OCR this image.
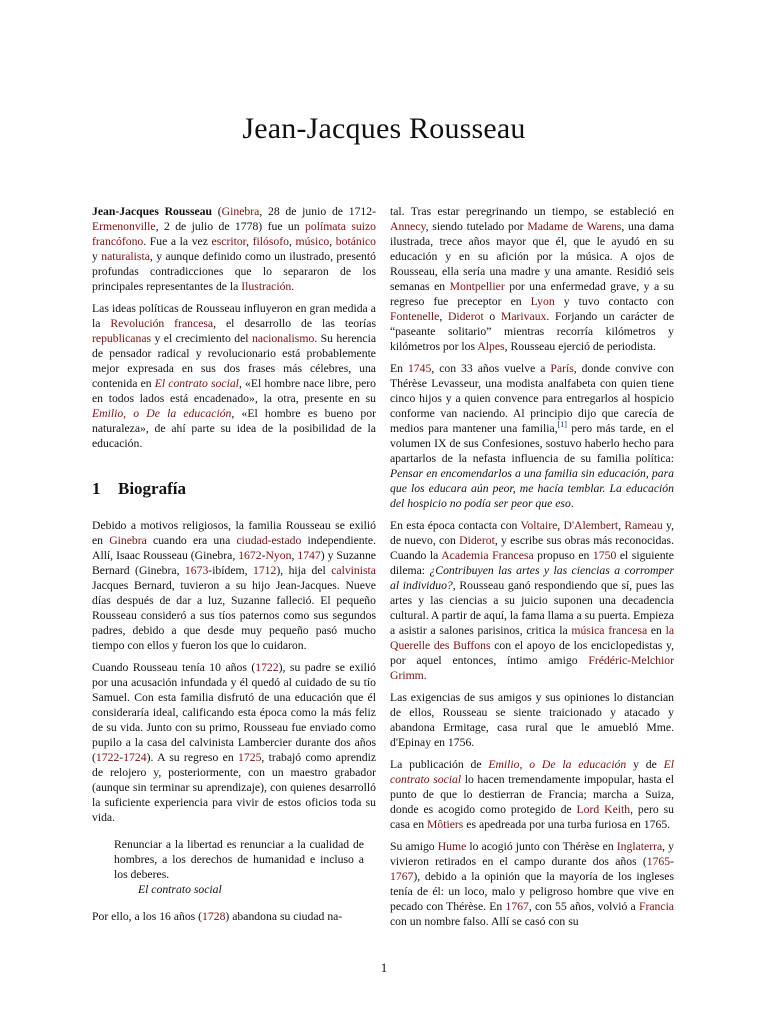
Jean-Jacques Rousseau

Jean-Jacques Rousseau (Ginebra, 28 de junio de 1712-Ermenonville, 2 de julio de 1778) fue un polímata suizo francófono. Fue a la vez escritor, filósofo, músico, botánico y naturalista, y aunque definido como un ilustrado, presentó profundas contradicciones que lo separaron de los principales representantes de la Ilustración.

Las ideas políticas de Rousseau influyeron en gran medida a la Revolución francesa, el desarrollo de las teorías republicanas y el crecimiento del nacionalismo. Su herencia de pensador radical y revolucionario está probablemente mejor expresada en sus dos frases más célebres, una contenida en El contrato social, «El hombre nace libre, pero en todos lados está encadenado», la otra, presente en su Emilio, o De la educación, «El hombre es bueno por naturaleza», de ahí parte su idea de la posibilidad de la educación.

1 Biografía

Debido a motivos religiosos, la familia Rousseau se exilió en Ginebra cuando era una ciudad-estado independiente. Allí, Isaac Rousseau (Ginebra, 1672-Nyon, 1747) y Suzanne Bernard (Ginebra, 1673-ibídem, 1712), hija del calvinista Jacques Bernard, tuvieron a su hijo Jean-Jacques. Nueve días después de dar a luz, Suzanne falleció. El pequeño Rousseau consideró a sus tíos paternos como sus segundos padres, debido a que desde muy pequeño pasó mucho tiempo con ellos y fueron los que lo cuidaron.

Cuando Rousseau tenía 10 años (1722), su padre se exilió por una acusación infundada y él quedó al cuidado de su tío Samuel. Con esta familia disfrutó de una educación que él consideraría ideal, calificando esta época como la más feliz de su vida. Junto con su primo, Rousseau fue enviado como pupilo a la casa del calvinista Lambercier durante dos años (1722-1724). A su regreso en 1725, trabajó como aprendiz de relojero y, posteriormente, con un maestro grabador (aunque sin terminar su aprendizaje), con quienes desarrolló la suficiente experiencia para vivir de estos oficios toda su vida.

Renunciar a la libertad es renunciar a la cualidad de hombres, a los derechos de humanidad e incluso a los deberes.
El contrato social

Por ello, a los 16 años (1728) abandona su ciudad na-

tal. Tras estar peregrinando un tiempo, se estableció en Annecy, siendo tutelado por Madame de Warens, una dama ilustrada, trece años mayor que él, que le ayudó en su educación y en su afición por la música. A ojos de Rousseau, ella sería una madre y una amante. Residió seis semanas en Montpellier por una enfermedad grave, y a su regreso fue preceptor en Lyon y tuvo contacto con Fontenelle, Diderot o Marivaux. Forjando un carácter de “paseante solitario” mientras recorría kilómetros y kilómetros por los Alpes, Rousseau ejerció de periodista.

En 1745, con 33 años vuelve a París, donde convive con Thérèse Levasseur, una modista analfabeta con quien tiene cinco hijos y a quien convence para entregarlos al hospicio conforme van naciendo. Al principio dijo que carecía de medios para mantener una familia,[1] pero más tarde, en el volumen IX de sus Confesiones, sostuvo haberlo hecho para apartarlos de la nefasta influencia de su familia política: Pensar en encomendarlos a una familia sin educación, para que los educara aún peor, me hacía temblar. La educación del hospicio no podía ser peor que eso.

En esta época contacta con Voltaire, D'Alembert, Rameau y, de nuevo, con Diderot, y escribe sus obras más reconocidas. Cuando la Academia Francesa propuso en 1750 el siguiente dilema: ¿Contribuyen las artes y las ciencias a corromper al individuo?, Rousseau ganó respondiendo que sí, pues las artes y las ciencias a su juicio suponen una decadencia cultural. A partir de aquí, la fama llama a su puerta. Empieza a asistir a salones parisinos, critica la música francesa en la Querelle des Buffons con el apoyo de los enciclopedistas y, por aquel entonces, íntimo amigo Frédéric-Melchior Grimm.

Las exigencias de sus amigos y sus opiniones lo distancian de ellos, Rousseau se siente traicionado y atacado y abandona Ermitage, casa rural que le amuebló Mme. d'Epinay en 1756.

La publicación de Emilio, o De la educación y de El contrato social lo hacen tremendamente impopular, hasta el punto de que lo destierran de Francia; marcha a Suiza, donde es acogido como protegido de Lord Keith, pero su casa en Môtiers es apedreada por una turba furiosa en 1765.

Su amigo Hume lo acogió junto con Thérèse en Inglaterra, y vivieron retirados en el campo durante dos años (1765-1767), debido a la opinión que la mayoría de los ingleses tenía de él: un loco, malo y peligroso hombre que vive en pecado con Thérèse. En 1767, con 55 años, volvió a Francia con un nombre falso. Allí se casó con su

1
